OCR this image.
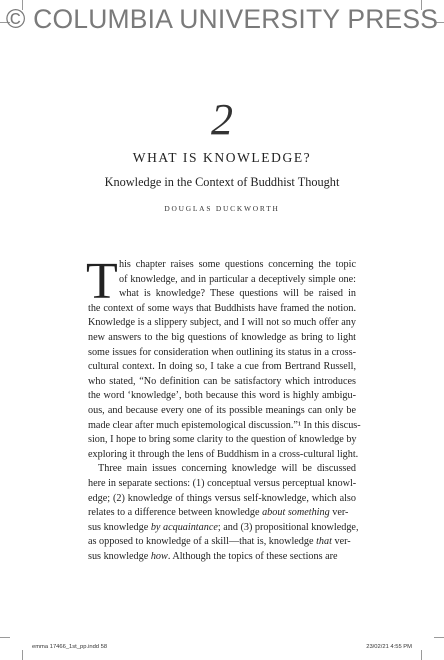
© COLUMBIA UNIVERSITY PRESS
2
WHAT IS KNOWLEDGE?
Knowledge in the Context of Buddhist Thought
DOUGLAS DUCKWORTH
T his chapter raises some questions concerning the topic
of knowledge, and in particular a deceptively simple one:
what is knowledge? These questions will be raised in
the context of some ways that Buddhists have framed the notion.
Knowledge is a slippery subject, and I will not so much offer any
new answers to the big questions of knowledge as bring to light
some issues for consideration when outlining its status in a cross-
cultural context. In doing so, I take a cue from Bertrand Russell,
who stated, “No definition can be satisfactory which introduces
the word ‘knowledge’, both because this word is highly ambigu-
ous, and because every one of its possible meanings can only be
made clear after much epistemological discussion.”¹ In this discus-
sion, I hope to bring some clarity to the question of knowledge by
exploring it through the lens of Buddhism in a cross-cultural light.
Three main issues concerning knowledge will be discussed
here in separate sections: (1) conceptual versus perceptual knowl-
edge; (2) knowledge of things versus self-knowledge, which also
relates to a difference between knowledge about something ver-
sus knowledge by acquaintance; and (3) propositional knowledge,
as opposed to knowledge of a skill—that is, knowledge that ver-
sus knowledge how. Although the topics of these sections are
emma 17466_1st_pp.indd 58	23/02/21 4:55 PM
